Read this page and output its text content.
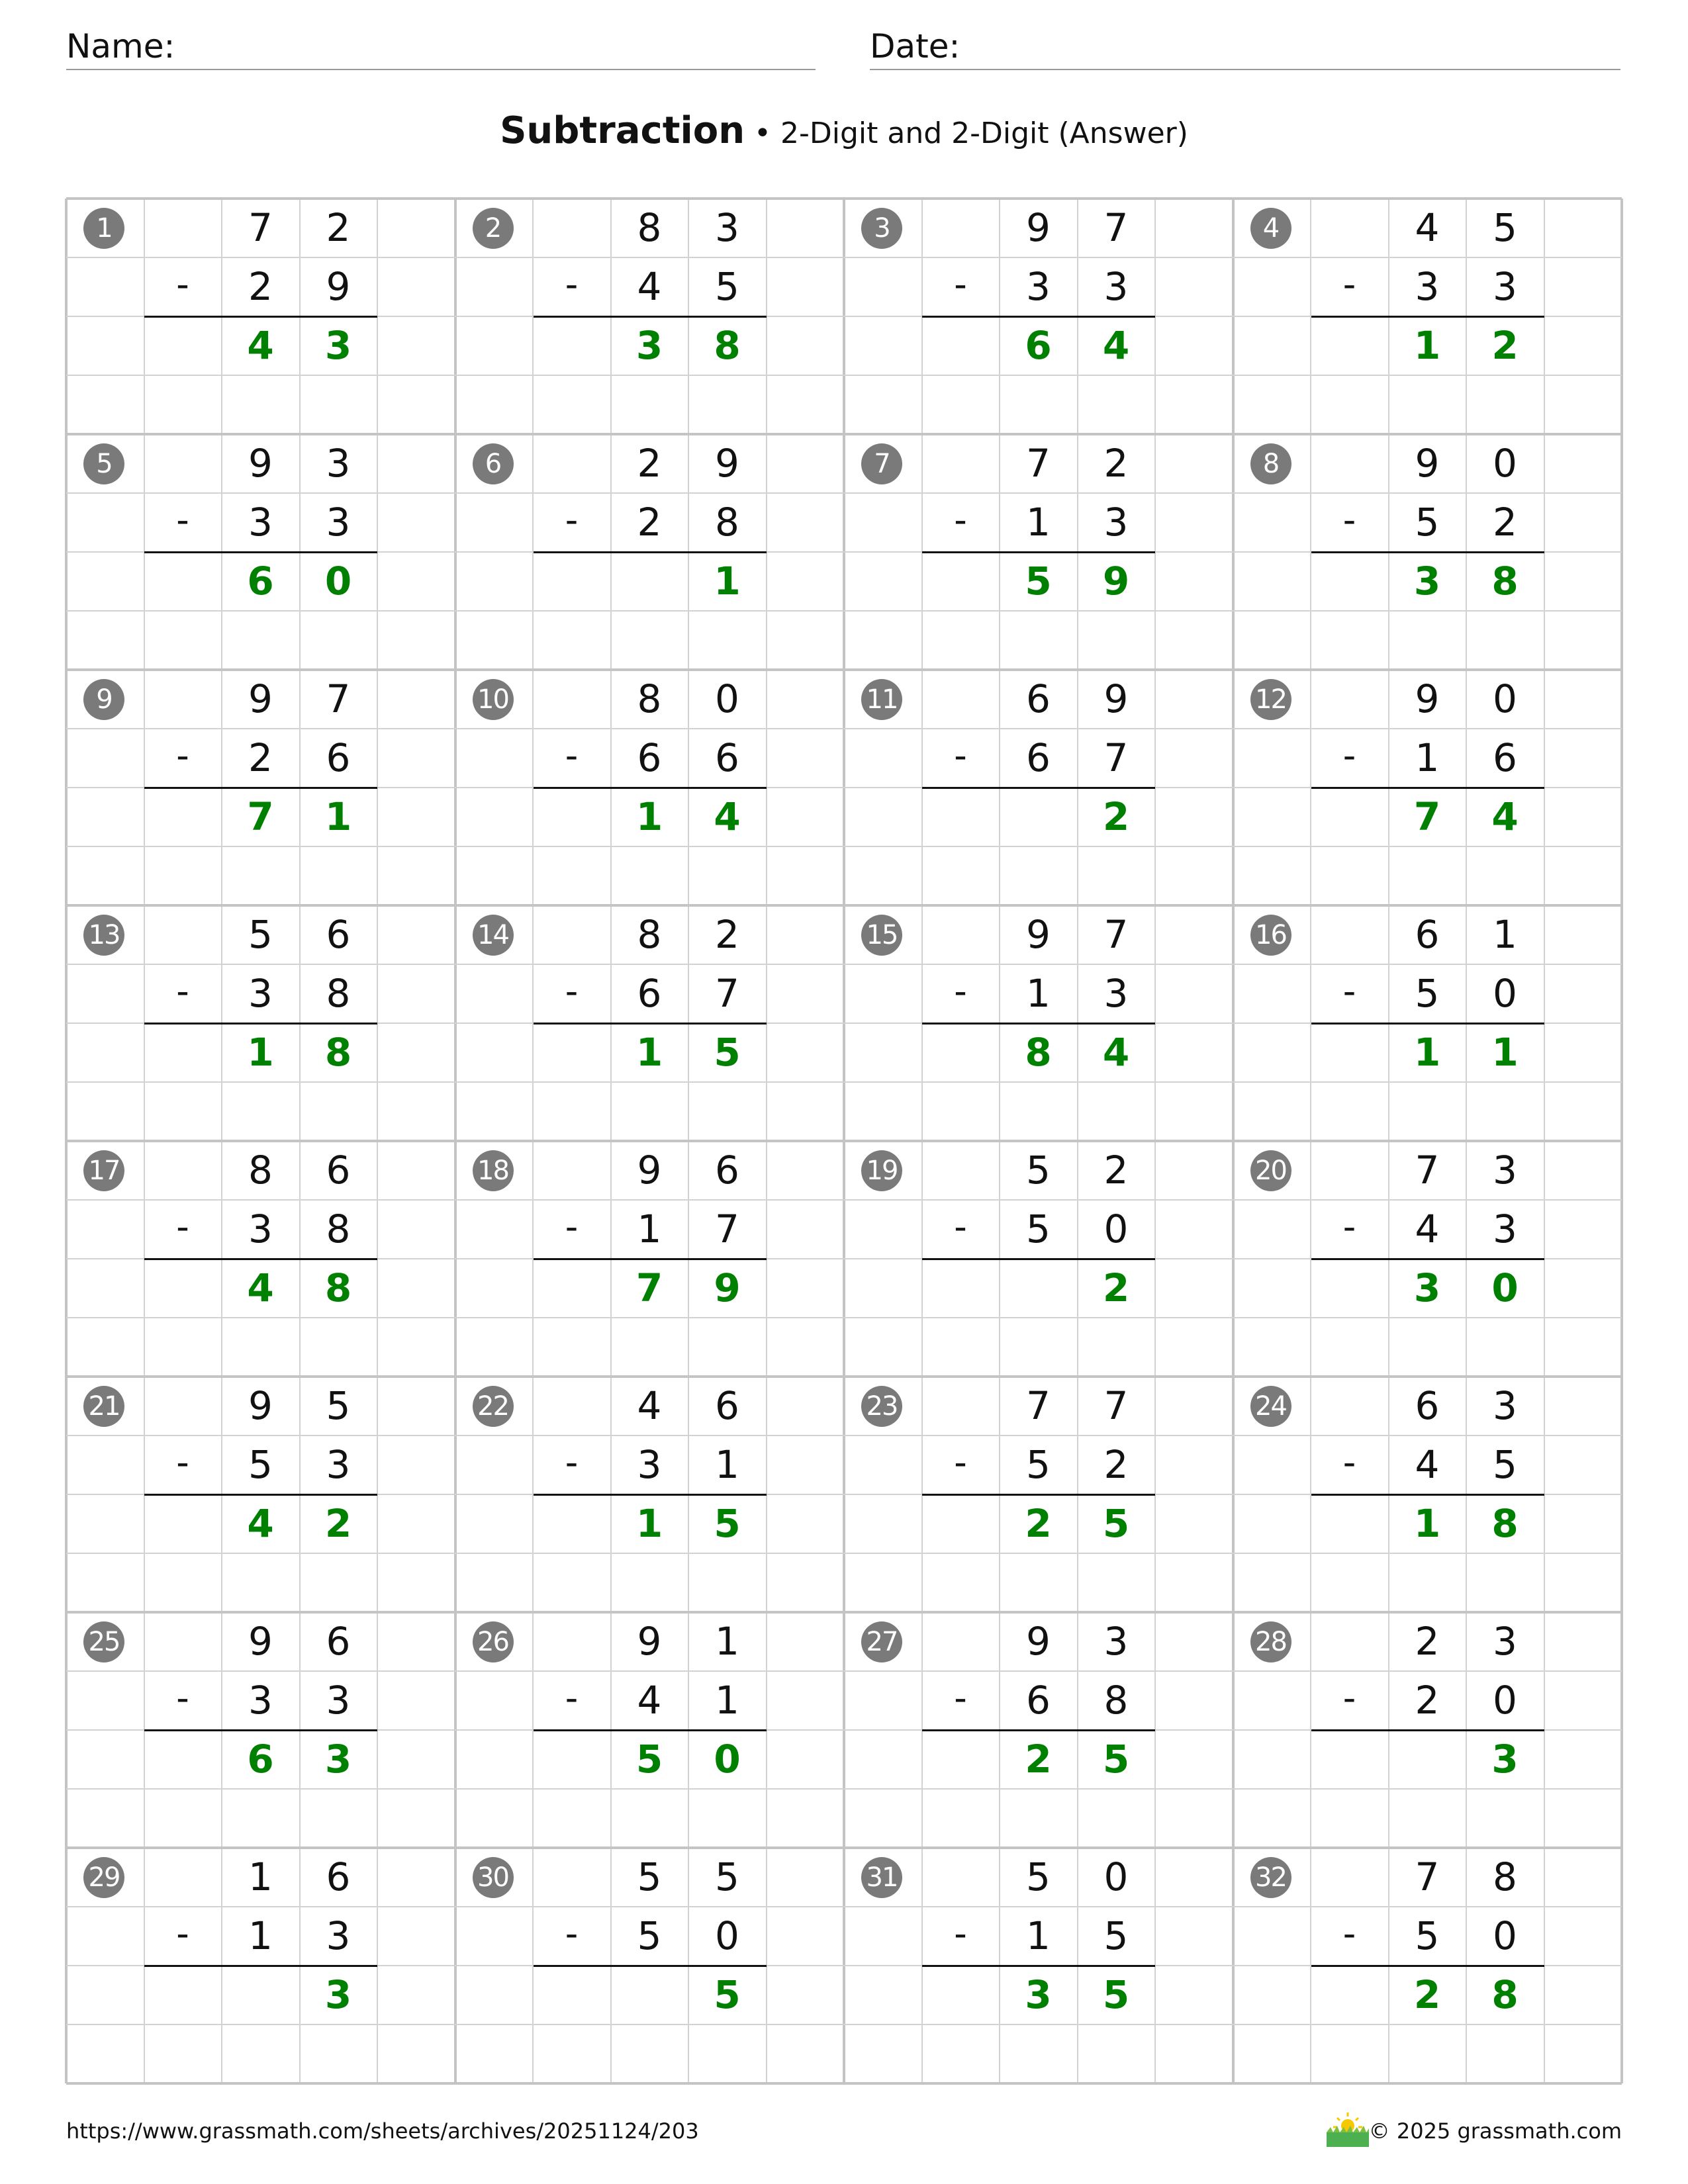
Name:	Date:
Subtraction • 2-Digit and 2-Digit (Answer)
1	7	2
-	2	9
4	3
2	8	3
-	4	5
3	8
3	9	7
-	3	3
6	4
4	4	5
-	3	3
1	2
5	9	3
-	3	3
6	0
6	2	9
-	2	8
1
7	7	2
-	1	3
5	9
8	9	0
-	5	2
3	8
9	9	7
-	2	6
7	1
10	8	0
-	6	6
1	4
11	6	9
-	6	7
2
12	9	0
-	1	6
7	4
13	5	6
-	3	8
1	8
14	8	2
-	6	7
1	5
15	9	7
-	1	3
8	4
16	6	1
-	5	0
1	1
17	8	6
-	3	8
4	8
18	9	6
-	1	7
7	9
19	5	2
-	5	0
2
20	7	3
-	4	3
3	0
21	9	5
-	5	3
4	2
22	4	6
-	3	1
1	5
23	7	7
-	5	2
2	5
24	6	3
-	4	5
1	8
25	9	6
-	3	3
6	3
26	9	1
-	4	1
5	0
27	9	3
-	6	8
2	5
28	2	3
-	2	0
3
29	1	6
-	1	3
3
30	5	5
-	5	0
5
31	5	0
-	1	5
3	5
32	7	8
-	5	0
2	8
https://www.grassmath.com/sheets/archives/20251124/203	© 2025 grassmath.com
